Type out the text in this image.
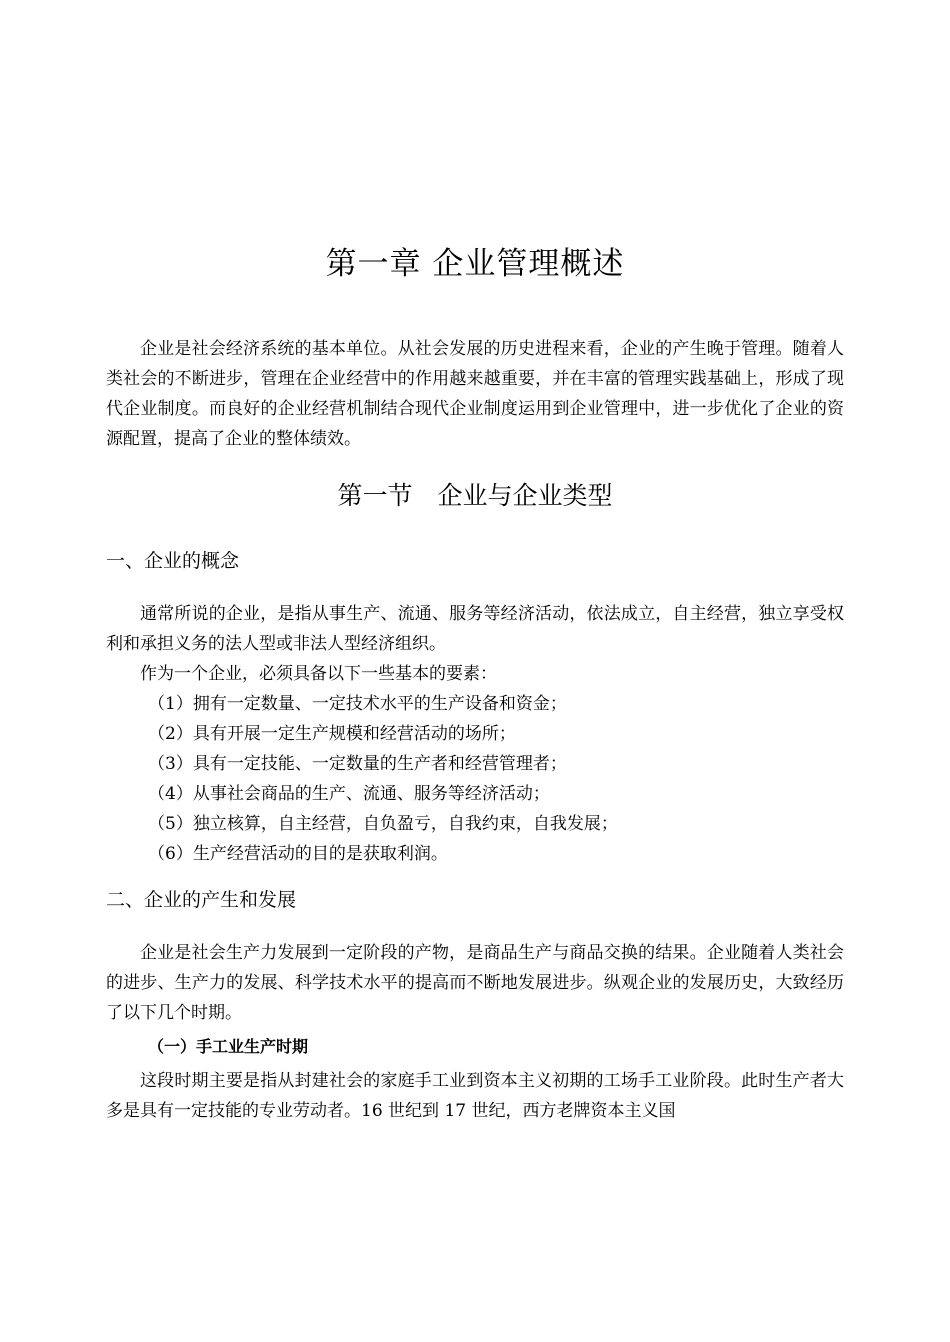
第一章 企业管理概述

企业是社会经济系统的基本单位。从社会发展的历史进程来看，企业的产生晚于管理。随着人类社会的不断进步，管理在企业经营中的作用越来越重要，并在丰富的管理实践基础上，形成了现代企业制度。而良好的企业经营机制结合现代企业制度运用到企业管理中，进一步优化了企业的资源配置，提高了企业的整体绩效。

第一节　企业与企业类型
一、企业的概念

通常所说的企业，是指从事生产、流通、服务等经济活动，依法成立，自主经营，独立享受权利和承担义务的法人型或非法人型经济组织。

作为一个企业，必须具备以下一些基本的要素：

（1）拥有一定数量、一定技术水平的生产设备和资金；
（2）具有开展一定生产规模和经营活动的场所；
（3）具有一定技能、一定数量的生产者和经营管理者；
（4）从事社会商品的生产、流通、服务等经济活动；
（5）独立核算，自主经营，自负盈亏，自我约束，自我发展；
（6）生产经营活动的目的是获取利润。
二、企业的产生和发展

企业是社会生产力发展到一定阶段的产物，是商品生产与商品交换的结果。企业随着人类社会的进步、生产力的发展、科学技术水平的提高而不断地发展进步。纵观企业的发展历史，大致经历了以下几个时期。

（一）手工业生产时期

这段时期主要是指从封建社会的家庭手工业到资本主义初期的工场手工业阶段。此时生产者大多是具有一定技能的专业劳动者。16 世纪到 17 世纪，西方老牌资本主义国
